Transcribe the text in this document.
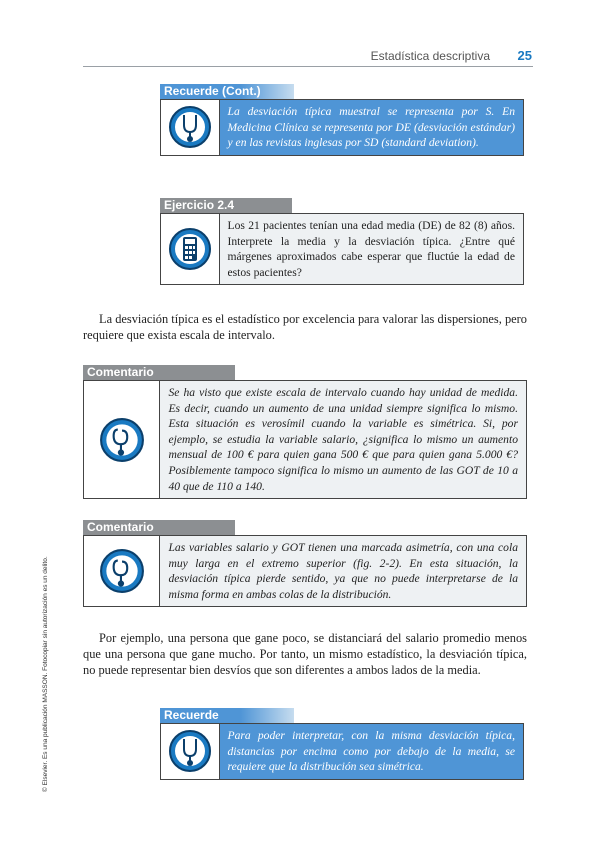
Estadística descriptiva 25
© Elsevier. Es una publicación MASSON. Fotocopiar sin autorización es un delito.
Recuerde (Cont.)
La desviación típica muestral se representa por S. En Medicina Clínica se representa por DE (desviación estándar) y en las revistas inglesas por SD (standard deviation).
Ejercicio 2.4
Los 21 pacientes tenían una edad media (DE) de 82 (8) años. Interprete la media y la desviación típica. ¿Entre qué márgenes aproximados cabe esperar que fluctúe la edad de estos pacientes?
La desviación típica es el estadístico por excelencia para valorar las dispersiones, pero requiere que exista escala de intervalo.
Comentario
Se ha visto que existe escala de intervalo cuando hay unidad de medida. Es decir, cuando un aumento de una unidad siempre significa lo mismo. Esta situación es verosímil cuando la variable es simétrica. Si, por ejemplo, se estudia la variable salario, ¿significa lo mismo un aumento mensual de 100 € para quien gana 500 € que para quien gana 5.000 €? Posiblemente tampoco significa lo mismo un aumento de las GOT de 10 a 40 que de 110 a 140.
Comentario
Las variables salario y GOT tienen una marcada asimetría, con una cola muy larga en el extremo superior (fig. 2-2). En esta situación, la desviación típica pierde sentido, ya que no puede interpretarse de la misma forma en ambas colas de la distribución.
Por ejemplo, una persona que gane poco, se distanciará del salario promedio menos que una persona que gane mucho. Por tanto, un mismo estadístico, la desviación típica, no puede representar bien desvíos que son diferentes a ambos lados de la media.
Recuerde
Para poder interpretar, con la misma desviación típica, distancias por encima como por debajo de la media, se requiere que la distribución sea simétrica.
